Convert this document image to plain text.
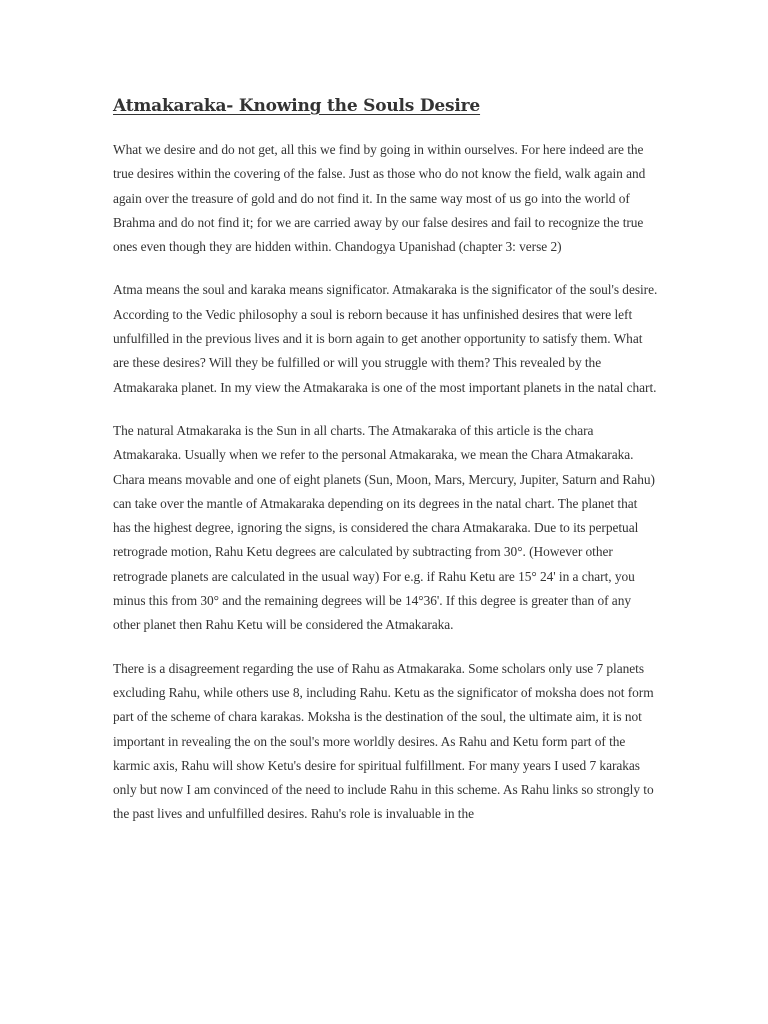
Atmakaraka- Knowing the Souls Desire

What we desire and do not get, all this we find by going in within ourselves. For here indeed are the true desires within the covering of the false. Just as those who do not know the field, walk again and again over the treasure of gold and do not find it. In the same way most of us go into the world of Brahma and do not find it; for we are carried away by our false desires and fail to recognize the true ones even though they are hidden within. Chandogya Upanishad (chapter 3: verse 2)

Atma means the soul and karaka means significator. Atmakaraka is the significator of the soul's desire. According to the Vedic philosophy a soul is reborn because it has unfinished desires that were left unfulfilled in the previous lives and it is born again to get another opportunity to satisfy them. What are these desires? Will they be fulfilled or will you struggle with them? This revealed by the Atmakaraka planet. In my view the Atmakaraka is one of the most important planets in the natal chart.

The natural Atmakaraka is the Sun in all charts. The Atmakaraka of this article is the chara Atmakaraka. Usually when we refer to the personal Atmakaraka, we mean the Chara Atmakaraka. Chara means movable and one of eight planets (Sun, Moon, Mars, Mercury, Jupiter, Saturn and Rahu) can take over the mantle of Atmakaraka depending on its degrees in the natal chart. The planet that has the highest degree, ignoring the signs, is considered the chara Atmakaraka. Due to its perpetual retrograde motion, Rahu Ketu degrees are calculated by subtracting from 30°. (However other retrograde planets are calculated in the usual way) For e.g. if Rahu Ketu are 15° 24' in a chart, you minus this from 30° and the remaining degrees will be 14°36'. If this degree is greater than of any other planet then Rahu Ketu will be considered the Atmakaraka.

There is a disagreement regarding the use of Rahu as Atmakaraka. Some scholars only use 7 planets excluding Rahu, while others use 8, including Rahu. Ketu as the significator of moksha does not form part of the scheme of chara karakas. Moksha is the destination of the soul, the ultimate aim, it is not important in revealing the on the soul's more worldly desires. As Rahu and Ketu form part of the karmic axis, Rahu will show Ketu's desire for spiritual fulfillment. For many years I used 7 karakas only but now I am convinced of the need to include Rahu in this scheme. As Rahu links so strongly to the past lives and unfulfilled desires. Rahu's role is invaluable in the
